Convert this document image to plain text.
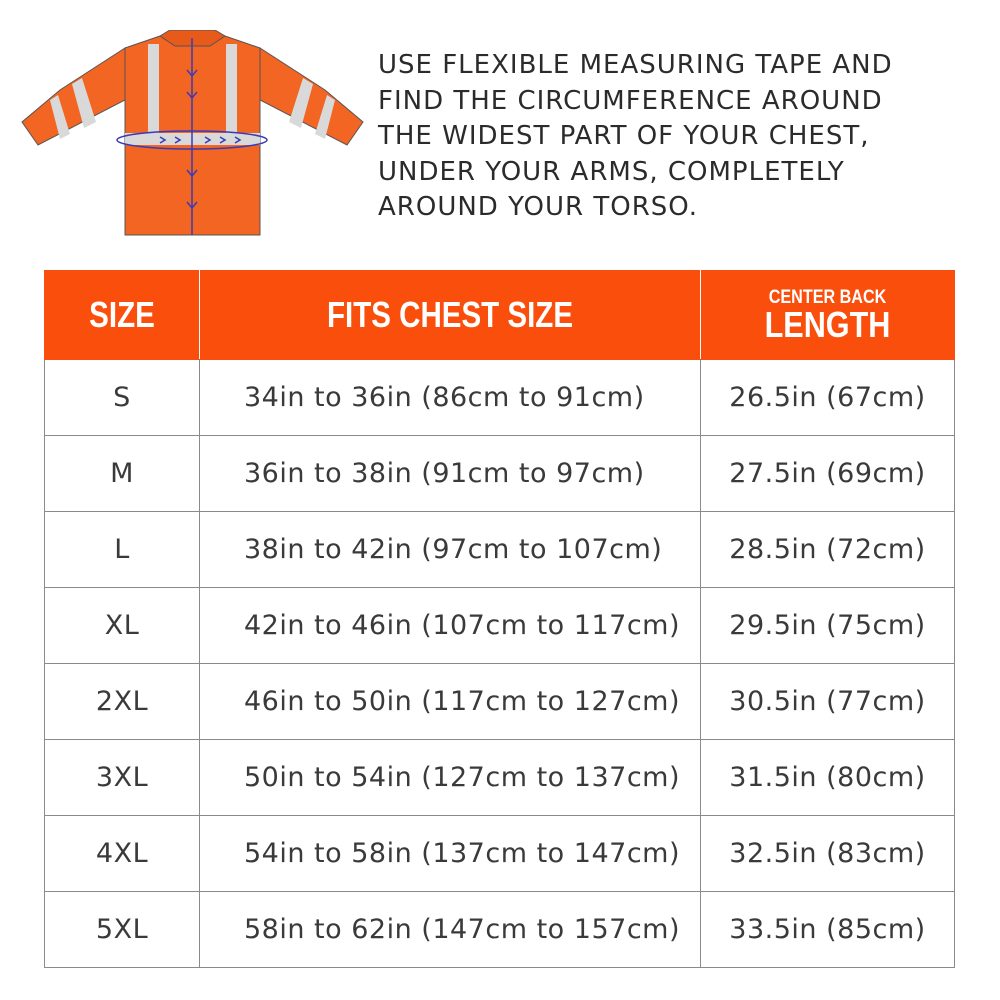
USE FLEXIBLE MEASURING TAPE AND
FIND THE CIRCUMFERENCE AROUND
THE WIDEST PART OF YOUR CHEST,
UNDER YOUR ARMS, COMPLETELY
AROUND YOUR TORSO.
SIZE	FITS CHEST SIZE	CENTER BACK
LENGTH

S	34in to 36in (86cm to 91cm)	26.5in (67cm)
M	36in to 38in (91cm to 97cm)	27.5in (69cm)
L	38in to 42in (97cm to 107cm)	28.5in (72cm)
XL	42in to 46in (107cm to 117cm)	29.5in (75cm)
2XL	46in to 50in (117cm to 127cm)	30.5in (77cm)
3XL	50in to 54in (127cm to 137cm)	31.5in (80cm)
4XL	54in to 58in (137cm to 147cm)	32.5in (83cm)
5XL	58in to 62in (147cm to 157cm)	33.5in (85cm)
